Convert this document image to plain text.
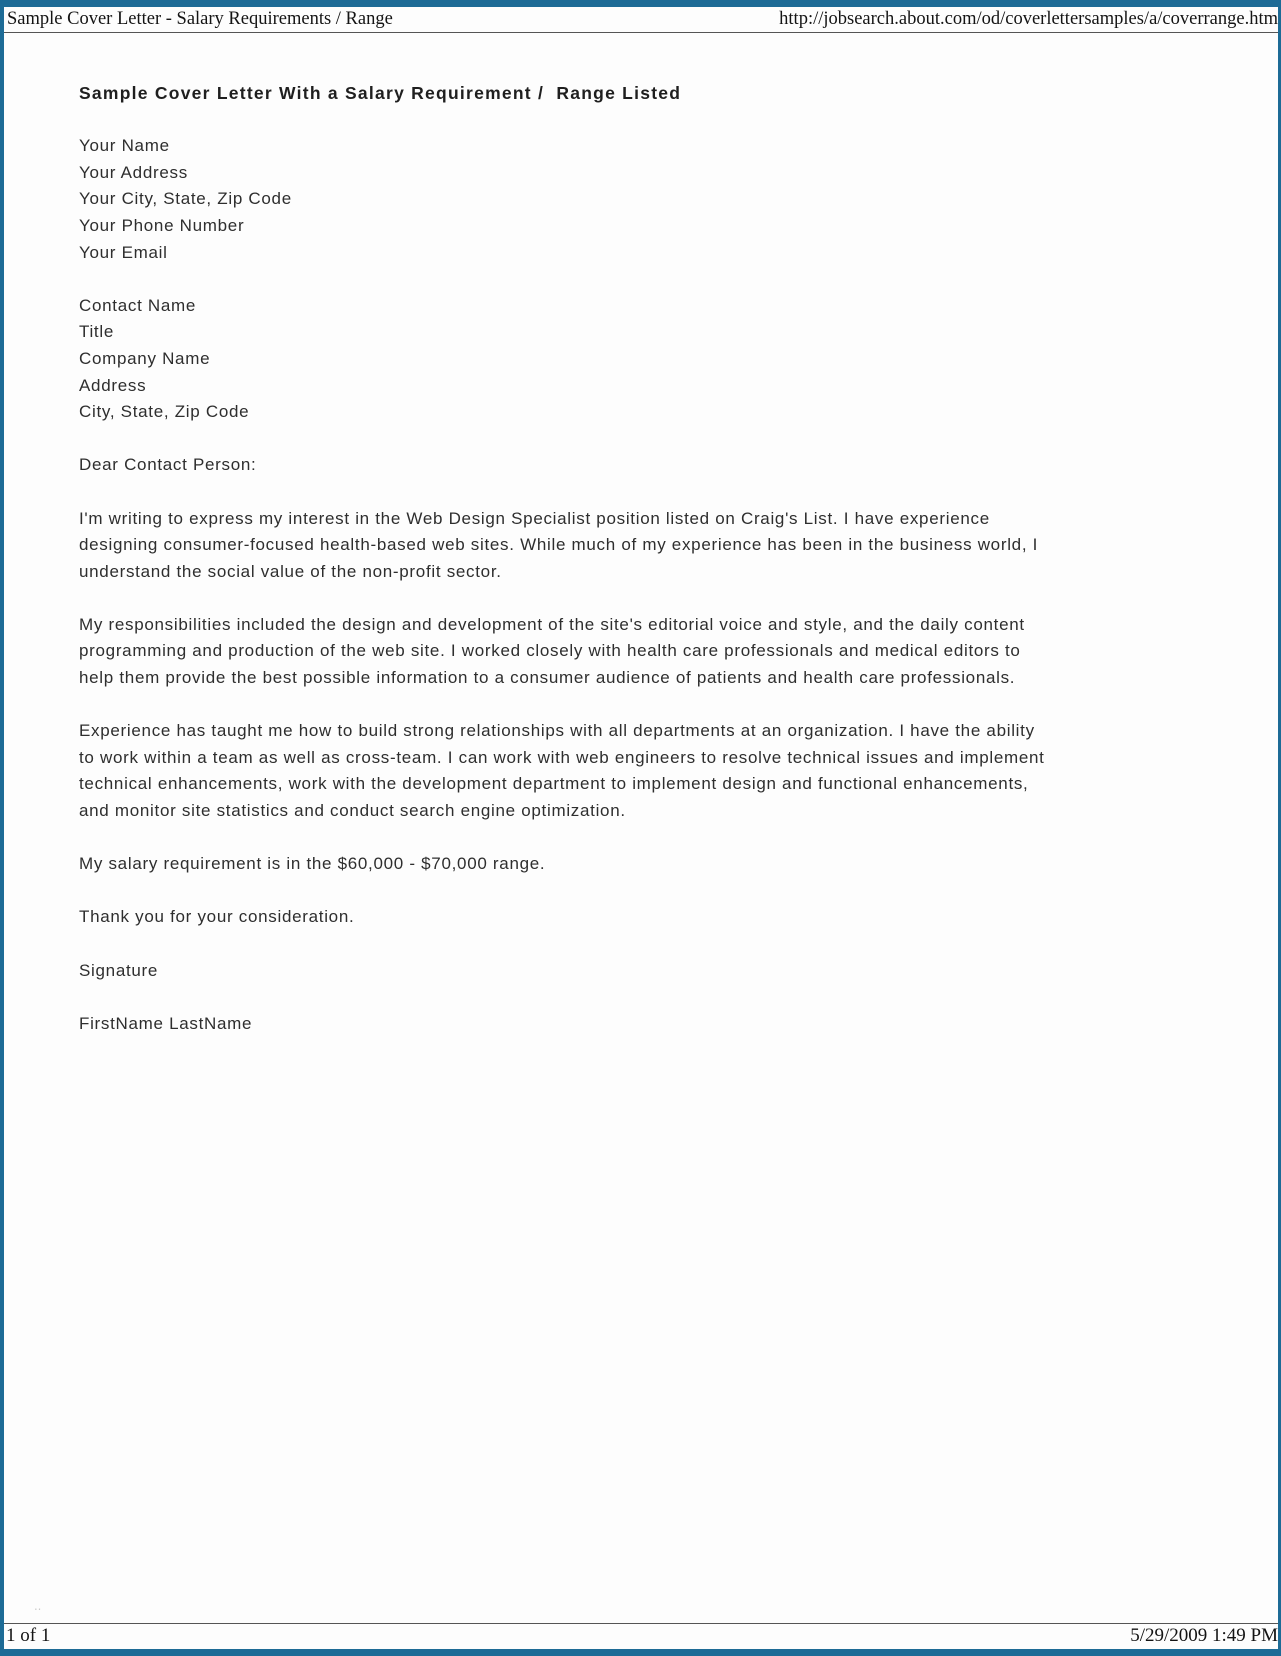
Sample Cover Letter - Salary Requirements / Range	http://jobsearch.about.com/od/coverlettersamples/a/coverrange.htm
Sample Cover Letter With a Salary Requirement /  Range Listed
Your Name
Your Address
Your City, State, Zip Code
Your Phone Number
Your Email
Contact Name
Title
Company Name
Address
City, State, Zip Code
Dear Contact Person:
I'm writing to express my interest in the Web Design Specialist position listed on Craig's List. I have experience
designing consumer-focused health-based web sites. While much of my experience has been in the business world, I
understand the social value of the non-profit sector.
My responsibilities included the design and development of the site's editorial voice and style, and the daily content
programming and production of the web site. I worked closely with health care professionals and medical editors to
help them provide the best possible information to a consumer audience of patients and health care professionals.
Experience has taught me how to build strong relationships with all departments at an organization. I have the ability
to work within a team as well as cross-team. I can work with web engineers to resolve technical issues and implement
technical enhancements, work with the development department to implement design and functional enhancements,
and monitor site statistics and conduct search engine optimization.
My salary requirement is in the $60,000 - $70,000 range.
Thank you for your consideration.
Signature
FirstName LastName
1 of 1	5/29/2009 1:49 PM
‥
